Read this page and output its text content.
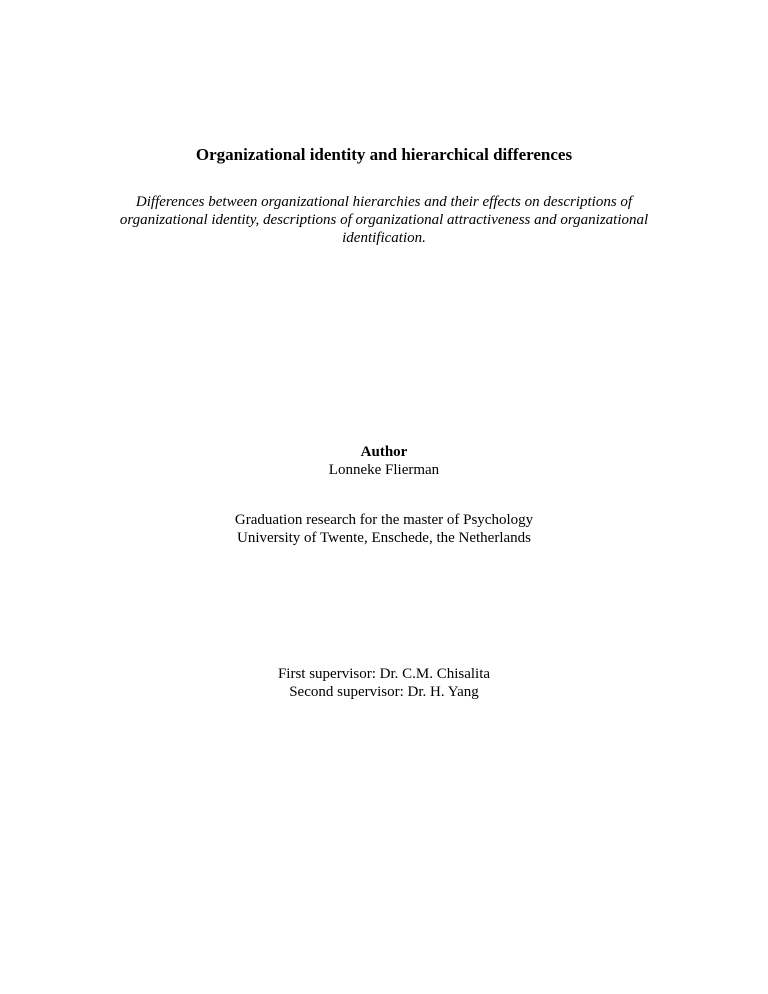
Organizational identity and hierarchical differences
Differences between organizational hierarchies and their effects on descriptions of
organizational identity, descriptions of organizational attractiveness and organizational
identification.
Author
Lonneke Flierman
Graduation research for the master of Psychology
University of Twente, Enschede, the Netherlands
First supervisor: Dr. C.M. Chisalita
Second supervisor: Dr. H. Yang
